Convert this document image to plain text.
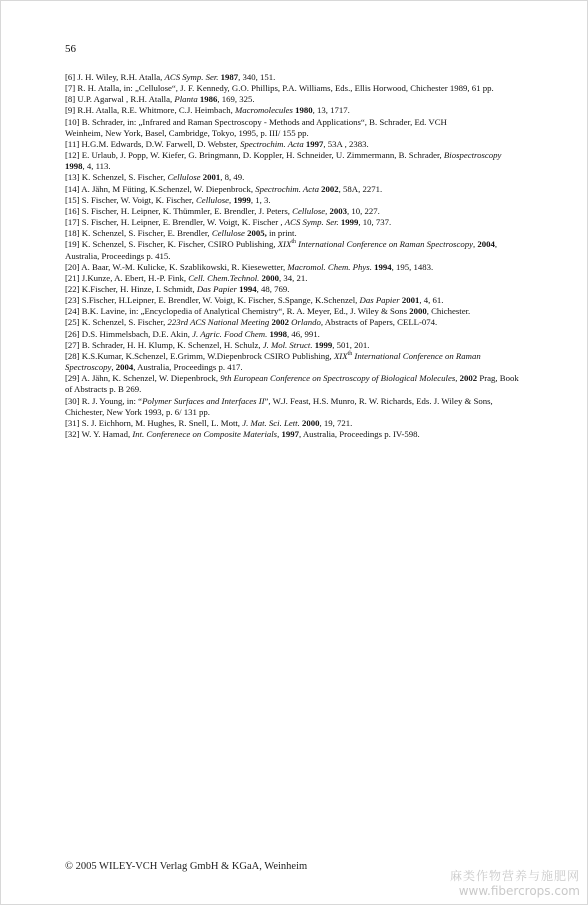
56

[6] J. H. Wiley, R.H. Atalla, ACS Symp. Ser. 1987, 340, 151.

[7] R. H. Atalla, in: „Cellulose“, J. F. Kennedy, G.O. Phillips, P.A. Williams, Eds., Ellis Horwood, Chichester 1989, 61 pp.

[8] U.P. Agarwal , R.H. Atalla, Planta 1986, 169, 325.

[9] R.H. Atalla, R.E. Whitmore, C.J. Heimbach, Macromolecules 1980, 13, 1717.

[10] B. Schrader, in: „Infrared and Raman Spectroscopy - Methods and Applications“, B. Schrader, Ed. VCH
Weinheim, New York, Basel, Cambridge, Tokyo, 1995, p. III/ 155 pp.

[11] H.G.M. Edwards, D.W. Farwell, D. Webster, Spectrochim. Acta 1997, 53A , 2383.

[12] E. Urlaub, J. Popp, W. Kiefer, G. Bringmann, D. Koppler, H. Schneider, U. Zimmermann, B. Schrader, Biospectroscopy 1998, 4, 113.

[13] K. Schenzel, S. Fischer, Cellulose 2001, 8, 49.

[14] A. Jähn, M Füting, K.Schenzel, W. Diepenbrock, Spectrochim. Acta 2002, 58A, 2271.

[15] S. Fischer, W. Voigt, K. Fischer, Cellulose, 1999, 1, 3.

[16] S. Fischer, H. Leipner, K. Thümmler, E. Brendler, J. Peters, Cellulose, 2003, 10, 227.

[17] S. Fischer, H. Leipner, E. Brendler, W. Voigt, K. Fischer , ACS Symp. Ser. 1999, 10, 737.

[18] K. Schenzel, S. Fischer, E. Brendler, Cellulose 2005, in print.

[19] K. Schenzel, S. Fischer, K. Fischer, CSIRO Publishing, XIXth International Conference on Raman Spectroscopy, 2004, Australia, Proceedings p. 415.

[20] A. Baar, W.-M. Kulicke, K. Szablikowski, R. Kiesewetter, Macromol. Chem. Phys. 1994, 195, 1483.

[21] J.Kunze, A. Ebert, H.-P. Fink, Cell. Chem.Technol. 2000, 34, 21.

[22] K.Fischer, H. Hinze, I. Schmidt, Das Papier 1994, 48, 769.

[23] S.Fischer, H.Leipner, E. Brendler, W. Voigt, K. Fischer, S.Spange, K.Schenzel, Das Papier 2001, 4, 61.

[24] B.K. Lavine, in: „Encyclopedia of Analytical Chemistry“, R. A. Meyer, Ed., J. Wiley & Sons 2000, Chichester.

[25] K. Schenzel, S. Fischer, 223rd ACS National Meeting 2002 Orlando, Abstracts of Papers, CELL-074.

[26] D.S. Himmelsbach, D.E. Akin, J. Agric. Food Chem. 1998, 46, 991.

[27] B. Schrader, H. H. Klump, K. Schenzel, H. Schulz, J. Mol. Struct. 1999, 501, 201.

[28] K.S.Kumar, K.Schenzel, E.Grimm, W.Diepenbrock CSIRO Publishing, XIXth International Conference on Raman Spectroscopy, 2004, Australia, Proceedings p. 417.

[29] A. Jähn, K. Schenzel, W. Diepenbrock, 9th European Conference on Spectroscopy of Biological Molecules, 2002 Prag, Book of Abstracts p. B 269.

[30] R. J. Young, in: “Polymer Surfaces and Interfaces II”, W.J. Feast, H.S. Munro, R. W. Richards, Eds. J. Wiley & Sons, Chichester, New York 1993, p. 6/ 131 pp.

[31] S. J. Eichhorn, M. Hughes, R. Snell, L. Mott, J. Mat. Sci. Lett. 2000, 19, 721.

[32] W. Y. Hamad, Int. Conferenece on Composite Materials, 1997, Australia, Proceedings p. IV-598.

© 2005 WILEY-VCH Verlag GmbH & KGaA, Weinheim
麻类作物营养与施肥网
www.fibercrops.com
